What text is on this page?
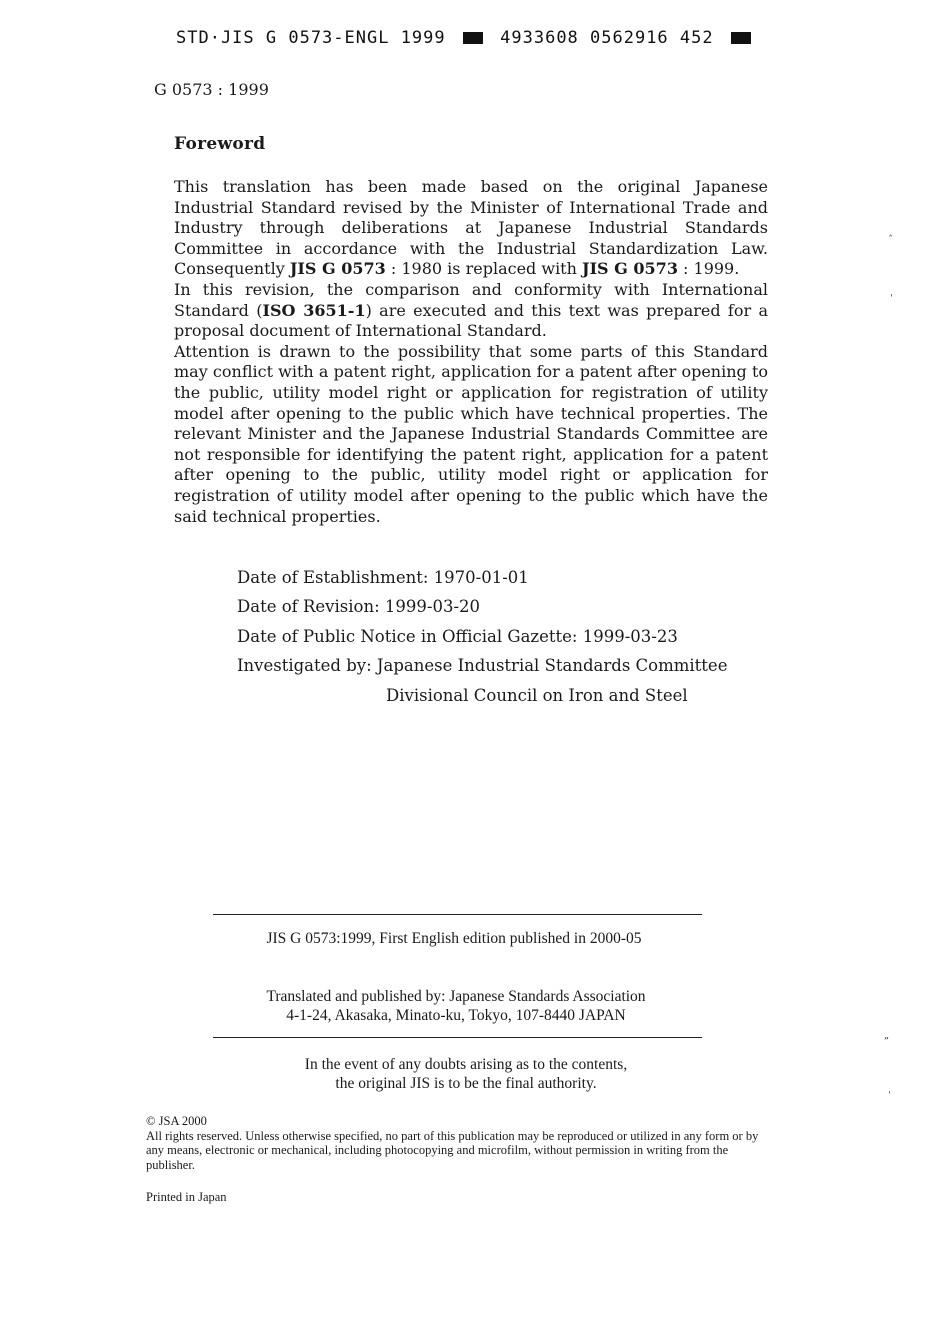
STD·JIS G 0573-ENGL 1999	4933608 0562916 452
G 0573 : 1999
Foreword

This translation has been made based on the original Japanese Industrial Standard revised by the Minister of International Trade and Industry through deliberations at Japanese Industrial Standards Committee in accordance with the Industrial Standardization Law. Consequently JIS G 0573 : 1980 is replaced with JIS G 0573 : 1999.

In this revision, the comparison and conformity with International Standard (ISO 3651-1) are executed and this text was prepared for a proposal document of International Standard.

Attention is drawn to the possibility that some parts of this Standard may conflict with a patent right, application for a patent after opening to the public, utility model right or application for registration of utility model after opening to the public which have technical properties. The relevant Minister and the Japanese Industrial Standards Committee are not responsible for identifying the patent right, application for a patent after opening to the public, utility model right or application for registration of utility model after opening to the public which have the said technical properties.

Date of Establishment: 1970-01-01
Date of Revision: 1999-03-20
Date of Public Notice in Official Gazette: 1999-03-23
Investigated by: Japanese Industrial Standards Committee
Divisional Council on Iron and Steel
JIS G 0573:1999, First English edition published in 2000-05
Translated and published by: Japanese Standards Association
4-1-24, Akasaka, Minato-ku, Tokyo, 107-8440 JAPAN
In the event of any doubts arising as to the contents,
the original JIS is to be the final authority.

© JSA 2000

All rights reserved. Unless otherwise specified, no part of this publication may be reproduced or utilized in any form or by any means, electronic or mechanical, including photocopying and microfilm, without permission in writing from the publisher.

Printed in Japan
‸
ˌ
„
ˌ
